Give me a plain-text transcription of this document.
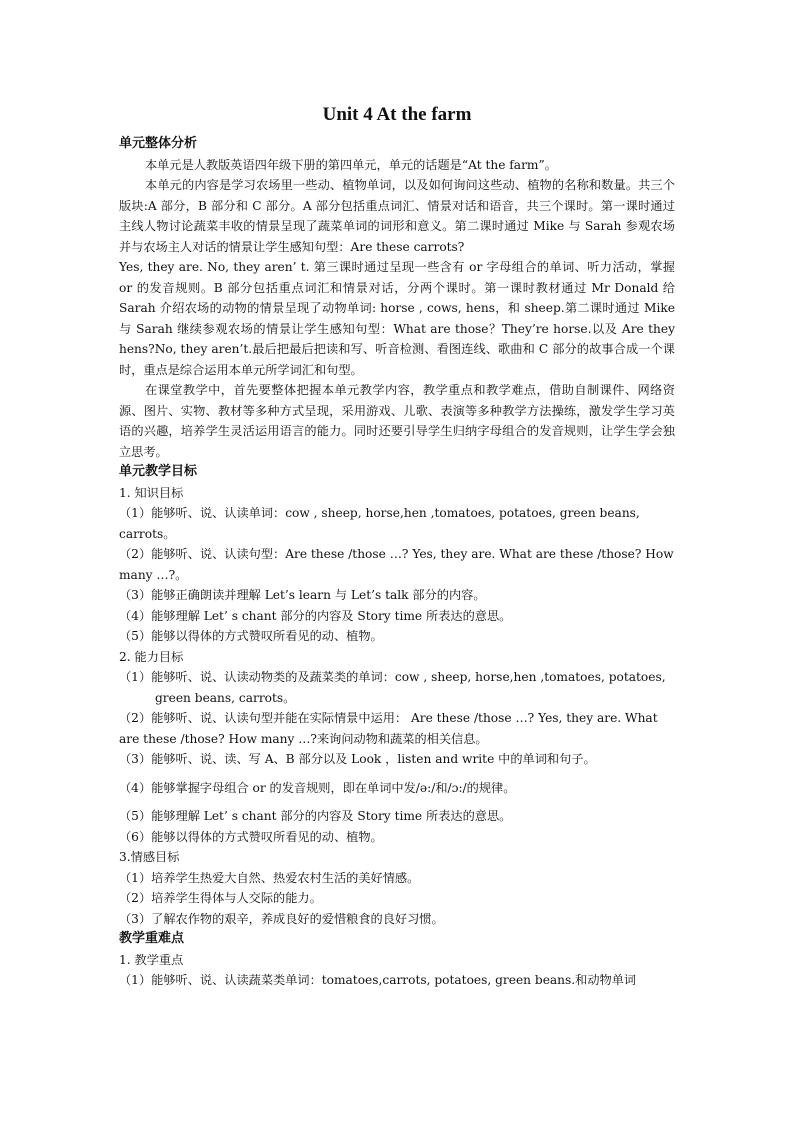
Unit 4 At the farm

单元整体分析

本单元是人教版英语四年级下册的第四单元，单元的话题是“At the farm”。

本单元的内容是学习农场里一些动、植物单词，以及如何询问这些动、植物的名称和数量。共三个版块:A 部分，B 部分和 C 部分。A 部分包括重点词汇、情景对话和语音，共三个课时。第一课时通过主线人物讨论蔬菜丰收的情景呈现了蔬菜单词的词形和意义。第二课时通过 Mike 与 Sarah 参观农场并与农场主人对话的情景让学生感知句型：Are these carrots?

Yes, they are. No, they aren’ t. 第三课时通过呈现一些含有 or 字母组合的单词、听力活动，掌握 or 的发音规则。B 部分包括重点词汇和情景对话，分两个课时。第一课时教材通过 Mr Donald 给 Sarah 介绍农场的动物的情景呈现了动物单词: horse , cows, hens，和 sheep.第二课时通过 Mike 与 Sarah 继续参观农场的情景让学生感知句型：What are those？They’re horse.以及 Are they hens?No, they aren’t.最后把最后把读和写、听音检测、看图连线、歌曲和 C 部分的故事合成一个课时，重点是综合运用本单元所学词汇和句型。

在课堂教学中，首先要整体把握本单元教学内容，教学重点和教学难点，借助自制课件、网络资源、图片、实物、教材等多种方式呈现，采用游戏、儿歌、表演等多种教学方法操练，激发学生学习英语的兴趣，培养学生灵活运用语言的能力。同时还要引导学生归纳字母组合的发音规则，让学生学会独立思考。

单元教学目标

1. 知识目标

（1）能够听、说、认读单词：cow , sheep, horse,hen ,tomatoes, potatoes, green beans, carrots。

（2）能够听、说、认读句型：Are these /those …? Yes, they are. What are these /those? How many …?。

（3）能够正确朗读并理解 Let’s learn 与 Let’s talk 部分的内容。

（4）能够理解 Let’ s chant 部分的内容及 Story time 所表达的意思。

（5）能够以得体的方式赞叹所看见的动、植物。

2. 能力目标

（1）能够听、说、认读动物类的及蔬菜类的单词：cow , sheep, horse,hen ,tomatoes, potatoes,

green beans, carrots。

（2）能够听、说、认读句型并能在实际情景中运用： Are these /those …? Yes, they are. What are these /those? How many …?来询问动物和蔬菜的相关信息。

（3）能够听、说、读、写 A、B 部分以及 Look ，listen and write 中的单词和句子。

（4）能够掌握字母组合 or 的发音规则，即在单词中发/ə:/和/ɔ:/的规律。

（5）能够理解 Let’ s chant 部分的内容及 Story time 所表达的意思。

（6）能够以得体的方式赞叹所看见的动、植物。

3.情感目标

（1）培养学生热爱大自然、热爱农村生活的美好情感。

（2）培养学生得体与人交际的能力。

（3）了解农作物的艰辛，养成良好的爱惜粮食的良好习惯。

教学重难点

1. 教学重点

（1）能够听、说、认读蔬菜类单词：tomatoes,carrots, potatoes, green beans.和动物单词
